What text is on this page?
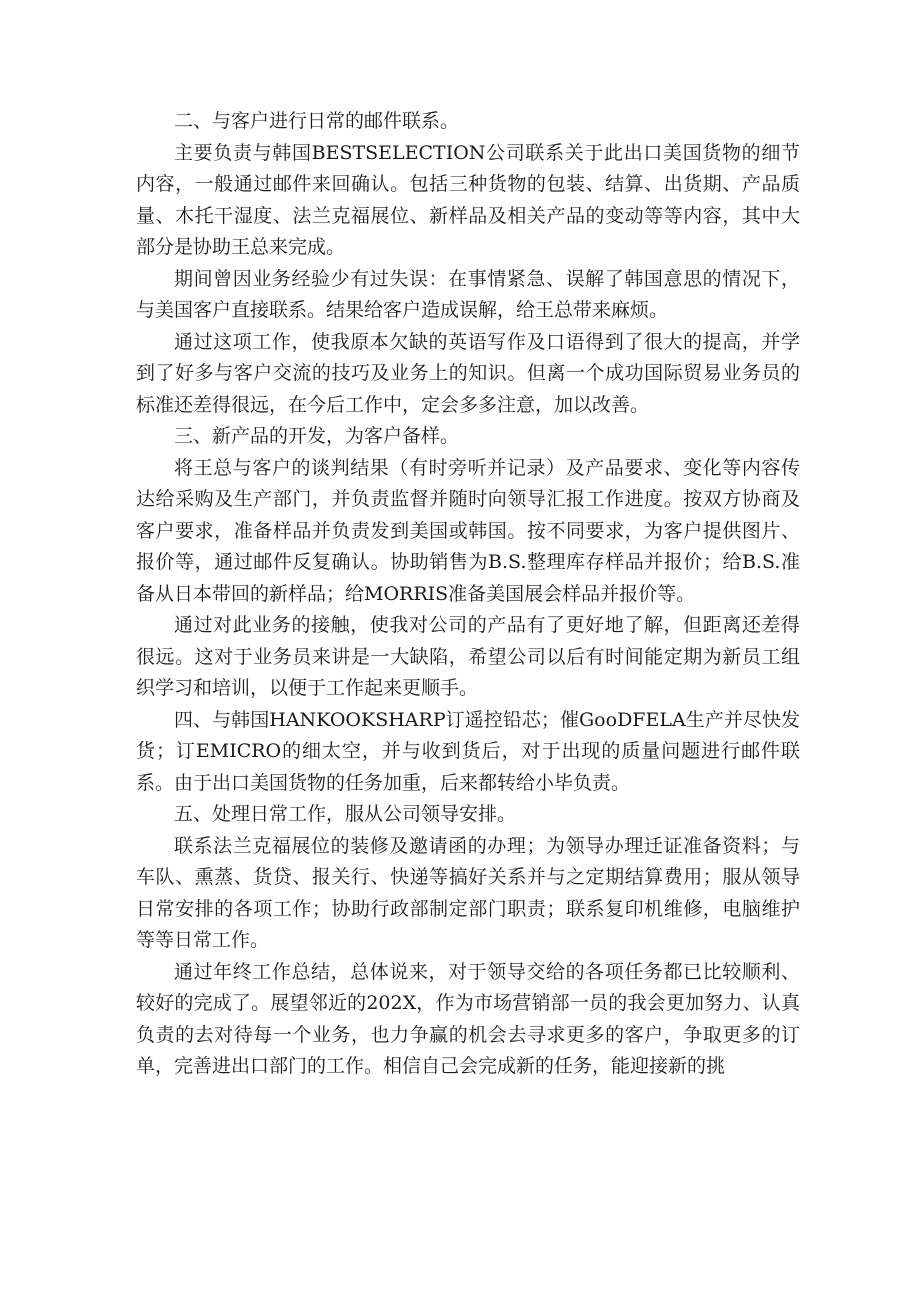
二、与客户进行日常的邮件联系。

主要负责与韩国BESTSELECTION公司联系关于此出口美国货物的细节内容，一般通过邮件来回确认。包括三种货物的包装、结算、出货期、产品质量、木托干湿度、法兰克福展位、新样品及相关产品的变动等等内容，其中大部分是协助王总来完成。

期间曾因业务经验少有过失误：在事情紧急、误解了韩国意思的情况下，与美国客户直接联系。结果给客户造成误解，给王总带来麻烦。

通过这项工作，使我原本欠缺的英语写作及口语得到了很大的提高，并学到了好多与客户交流的技巧及业务上的知识。但离一个成功国际贸易业务员的标准还差得很远，在今后工作中，定会多多注意，加以改善。

三、新产品的开发，为客户备样。

将王总与客户的谈判结果（有时旁听并记录）及产品要求、变化等内容传达给采购及生产部门，并负责监督并随时向领导汇报工作进度。按双方协商及客户要求，准备样品并负责发到美国或韩国。按不同要求，为客户提供图片、报价等，通过邮件反复确认。协助销售为B.S.整理库存样品并报价；给B.S.准备从日本带回的新样品；给MORRIS准备美国展会样品并报价等。

通过对此业务的接触，使我对公司的产品有了更好地了解，但距离还差得很远。这对于业务员来讲是一大缺陷，希望公司以后有时间能定期为新员工组织学习和培训，以便于工作起来更顺手。

四、与韩国HANKOOKSHARP订遥控铅芯；催GooDFELA生产并尽快发货；订EMICRO的细太空，并与收到货后，对于出现的质量问题进行邮件联系。由于出口美国货物的任务加重，后来都转给小毕负责。

五、处理日常工作，服从公司领导安排。

联系法兰克福展位的装修及邀请函的办理；为领导办理迁证准备资料；与车队、熏蒸、货贷、报关行、快递等搞好关系并与之定期结算费用；服从领导日常安排的各项工作；协助行政部制定部门职责；联系复印机维修，电脑维护等等日常工作。

通过年终工作总结，总体说来，对于领导交给的各项任务都已比较顺利、较好的完成了。展望邻近的202X，作为市场营销部一员的我会更加努力、认真负责的去对待每一个业务，也力争赢的机会去寻求更多的客户，争取更多的订单，完善进出口部门的工作。相信自己会完成新的任务，能迎接新的挑
